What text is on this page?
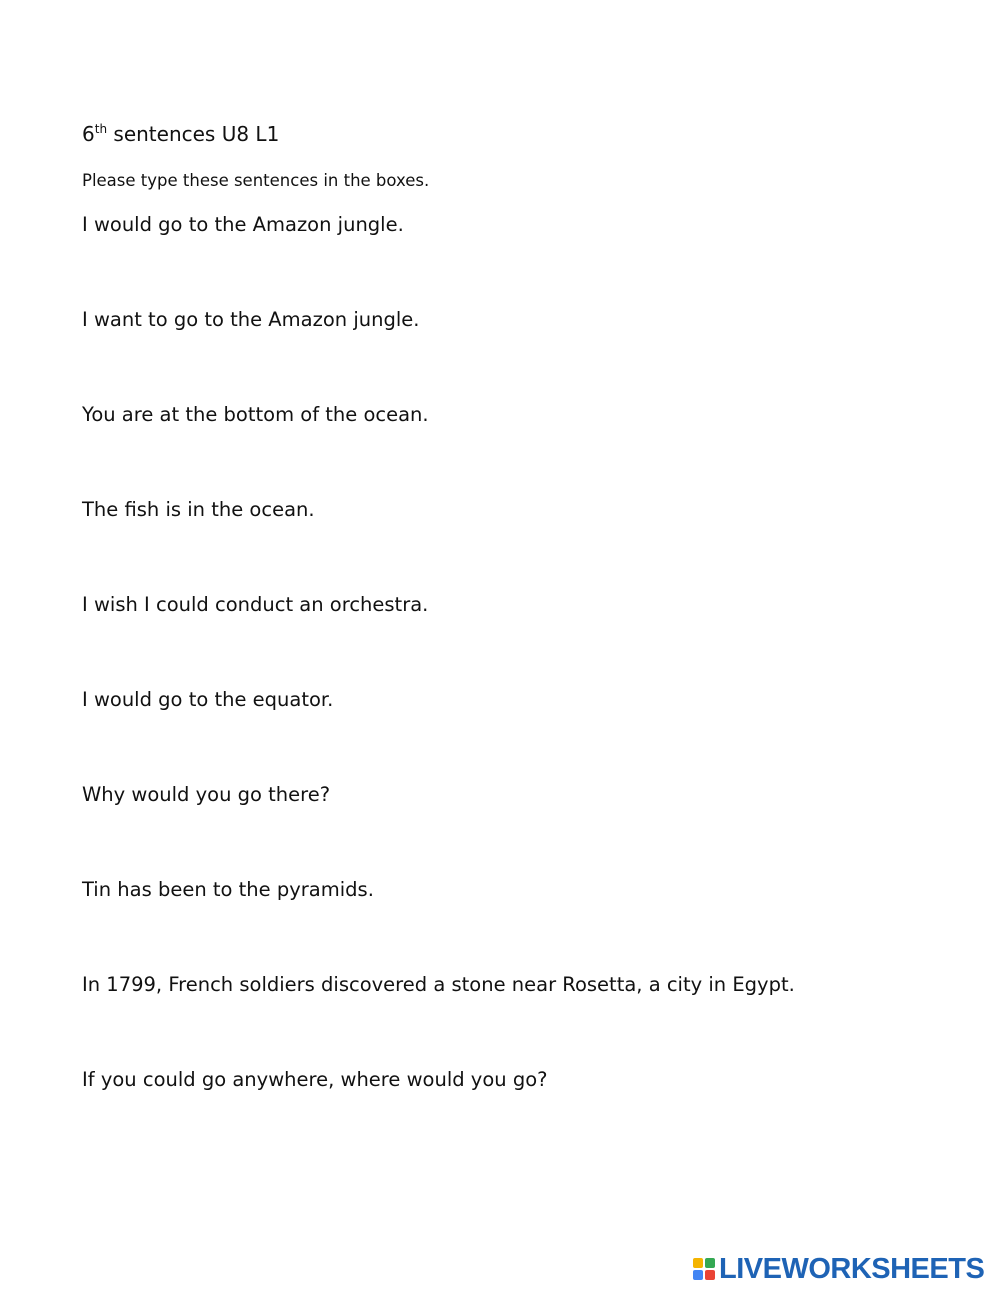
6th sentences U8 L1
Please type these sentences in the boxes.
I would go to the Amazon jungle.
I want to go to the Amazon jungle.
You are at the bottom of the ocean.
The fish is in the ocean.
I wish I could conduct an orchestra.
I would go to the equator.
Why would you go there?
Tin has been to the pyramids.
In 1799, French soldiers discovered a stone near Rosetta, a city in Egypt.
If you could go anywhere, where would you go?
LIVEWORKSHEETS
